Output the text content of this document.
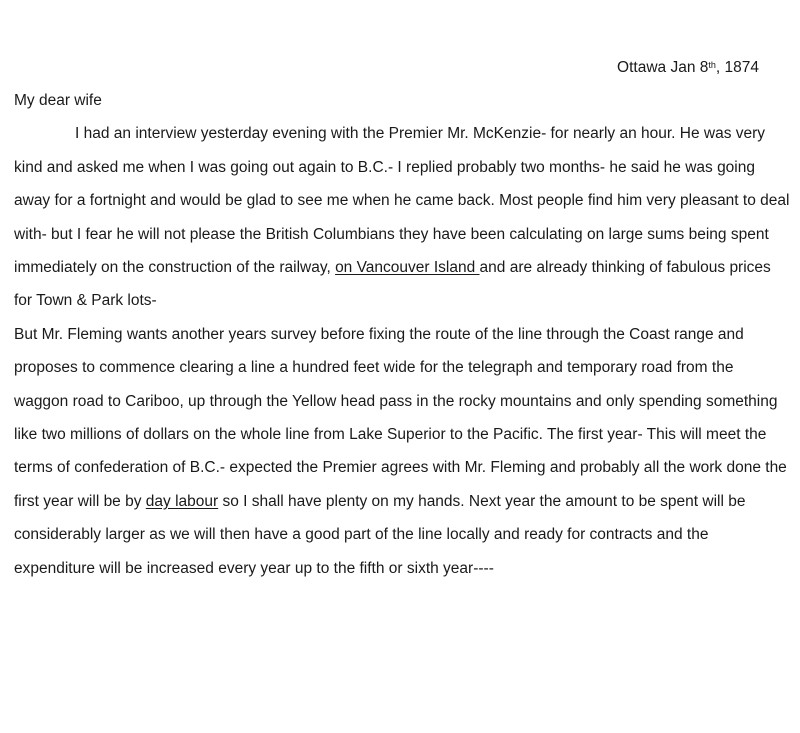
Ottawa Jan 8th, 1874

My dear wife

I had an interview yesterday evening with the Premier Mr. McKenzie- for nearly an hour. He was very kind and asked me when I was going out again to B.C.- I replied probably two months- he said he was going away for a fortnight and would be glad to see me when he came back. Most people find him very pleasant to deal with- but I fear he will not please the British Columbians they have been calculating on large sums being spent immediately on the construction of the railway, on Vancouver Island and are already thinking of fabulous prices for Town & Park lots-

But Mr. Fleming wants another years survey before fixing the route of the line through the Coast range and proposes to commence clearing a line a hundred feet wide for the telegraph and temporary road from the waggon road to Cariboo, up through the Yellow head pass in the rocky mountains and only spending something like two millions of dollars on the whole line from Lake Superior to the Pacific. The first year- This will meet the terms of confederation of B.C.- expected the Premier agrees with Mr. Fleming and probably all the work done the first year will be by day labour so I shall have plenty on my hands. Next year the amount to be spent will be considerably larger as we will then have a good part of the line locally and ready for contracts and the expenditure will be increased every year up to the fifth or sixth year----
